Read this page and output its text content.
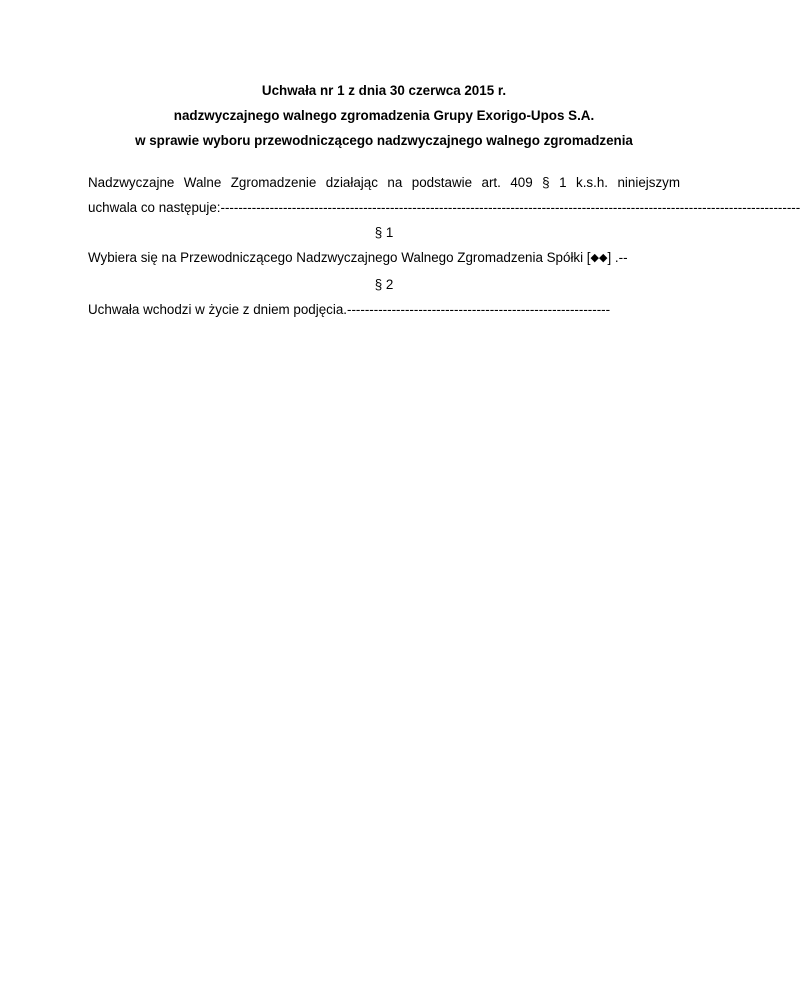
Uchwała nr 1 z dnia 30 czerwca 2015 r.
nadzwyczajnego walnego zgromadzenia Grupy Exorigo-Upos S.A.
w sprawie wyboru przewodniczącego nadzwyczajnego walnego zgromadzenia
Nadzwyczajne Walne Zgromadzenie działając na podstawie art. 409 § 1 k.s.h. niniejszym
uchwala co następuje: ----------------------------------------------------------------------------------------------------------------------------------
§ 1
Wybiera się na Przewodniczącego Nadzwyczajnego Walnego Zgromadzenia Spółki [◆◆] .--
§ 2
Uchwała wchodzi w życie z dniem podjęcia.-----------------------------------------------------------
